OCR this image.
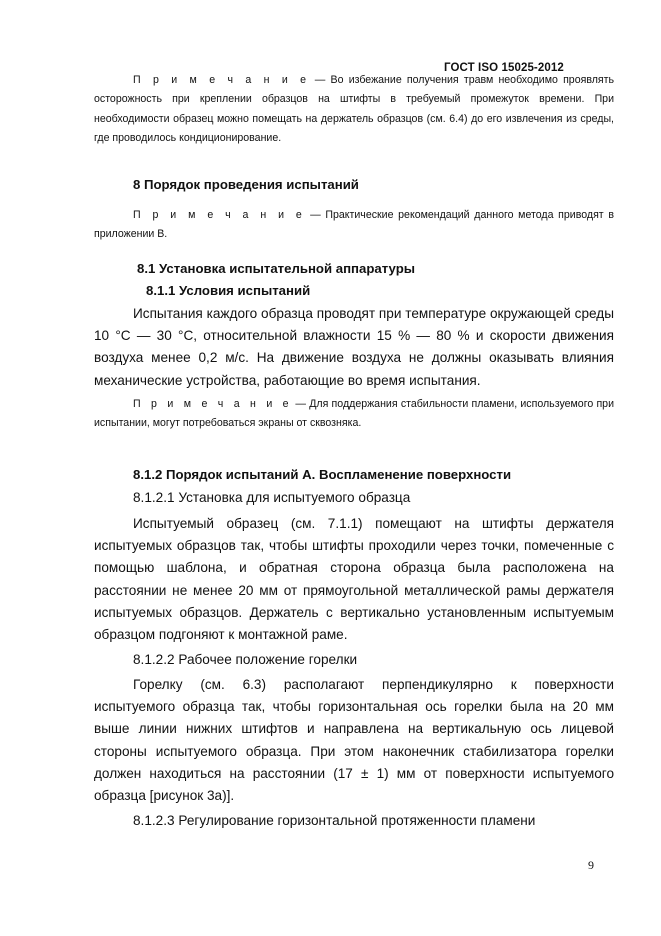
ГОСТ ISO 15025-2012

П р и м е ч а н и е — Во избежание получения травм необходимо проявлять осторожность при креплении образцов на штифты в требуемый промежуток времени. При необходимости образец можно помещать на держатель образцов (см. 6.4) до его извлечения из среды, где проводилось кондиционирование.

8 Порядок проведения испытаний

П р и м е ч а н и е — Практические рекомендаций данного метода приводят в приложении В.

8.1 Установка испытательной аппаратуры
8.1.1 Условия испытаний

Испытания каждого образца проводят при температуре окружающей среды 10 °С — 30 °С, относительной влажности 15 % — 80 % и скорости движения воздуха менее 0,2 м/с. На движение воздуха не должны оказывать влияния механические устройства, работающие во время испытания.

П р и м е ч а н и е — Для поддержания стабильности пламени, используемого при испытании, могут потребоваться экраны от сквозняка.

8.1.2 Порядок испытаний А. Воспламенение поверхности
8.1.2.1 Установка для испытуемого образца

Испытуемый образец (см. 7.1.1) помещают на штифты держателя испытуемых образцов так, чтобы штифты проходили через точки, помеченные с помощью шаблона, и обратная сторона образца была расположена на расстоянии не менее 20 мм от прямоугольной металлической рамы держателя испытуемых образцов. Держатель с вертикально установленным испытуемым образцом подгоняют к монтажной раме.

8.1.2.2 Рабочее положение горелки

Горелку (см. 6.3) располагают перпендикулярно к поверхности испытуемого образца так, чтобы горизонтальная ось горелки была на 20 мм выше линии нижних штифтов и направлена на вертикальную ось лицевой стороны испытуемого образца. При этом наконечник стабилизатора горелки должен находиться на расстоянии (17 ± 1) мм от поверхности испытуемого образца [рисунок 3а)].

8.1.2.3 Регулирование горизонтальной протяженности пламени
9
